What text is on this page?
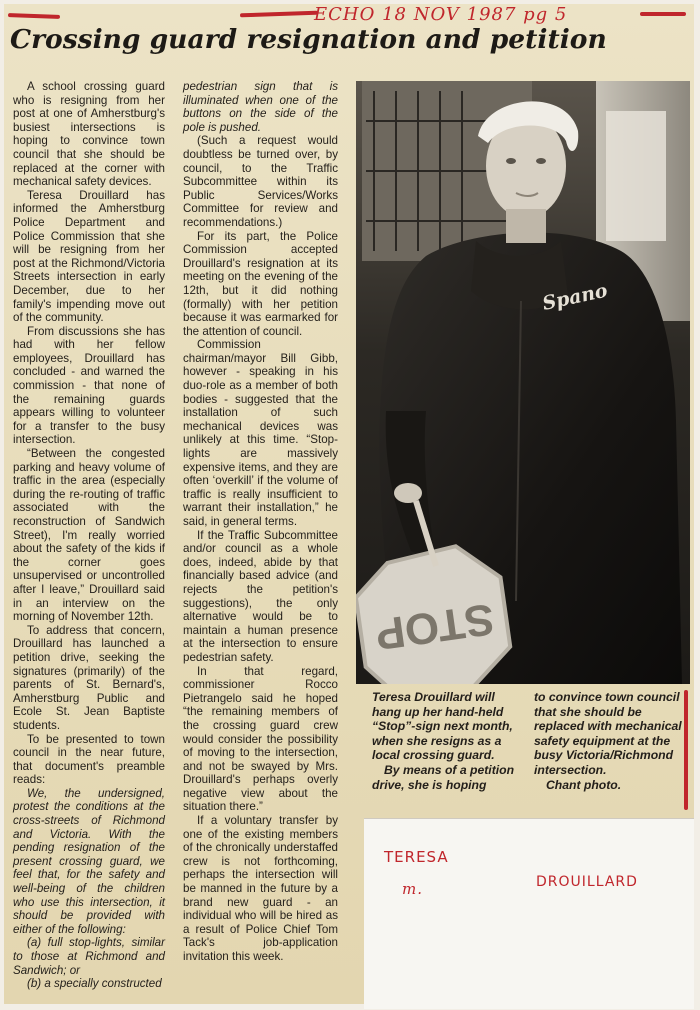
ECHO 18 NOV 1987 pg 5
Crossing guard resignation and petition

A school crossing guard who is resigning from her post at one of Amherstburg's busiest intersections is hoping to convince town council that she should be replaced at the corner with mechanical safety devices.

Teresa Drouillard has informed the Amherstburg Police Department and Police Commission that she will be resigning from her post at the Richmond/Victoria Streets intersection in early December, due to her family's impending move out of the community.

From discussions she has had with her fellow employees, Drouillard has concluded - and warned the commission - that none of the remaining guards appears willing to volunteer for a transfer to the busy intersection.

“Between the congested parking and heavy volume of traffic in the area (especially during the re-routing of traffic associated with the reconstruction of Sandwich Street), I'm really worried about the safety of the kids if the corner goes unsupervised or uncontrolled after I leave,” Drouillard said in an interview on the morning of November 12th.

To address that concern, Drouillard has launched a petition drive, seeking the signatures (primarily) of the parents of St. Bernard's, Amherstburg Public and Ecole St. Jean Baptiste students.

To be presented to town council in the near future, that document's preamble reads:

We, the undersigned, protest the conditions at the cross-streets of Richmond and Victoria. With the pending resignation of the present crossing guard, we feel that, for the safety and well-being of the children who use this intersection, it should be provided with either of the following:

(a) full stop-lights, similar to those at Richmond and Sandwich; or

(b) a specially constructed

pedestrian sign that is illuminated when one of the buttons on the side of the pole is pushed.

(Such a request would doubtless be turned over, by council, to the Traffic Subcommittee within its Public Services/Works Committee for review and recommendations.)

For its part, the Police Commission accepted Drouillard's resignation at its meeting on the evening of the 12th, but it did nothing (formally) with her petition because it was earmarked for the attention of council.

Commission chairman/mayor Bill Gibb, however - speaking in his duo-role as a member of both bodies - suggested that the installation of such mechanical devices was unlikely at this time. “Stop-lights are massively expensive items, and they are often ‘overkill’ if the volume of traffic is really insufficient to warrant their installation,” he said, in general terms.

If the Traffic Subcommittee and/or council as a whole does, indeed, abide by that financially based advice (and rejects the petition's suggestions), the only alternative would be to maintain a human presence at the intersection to ensure pedestrian safety.

In that regard, commissioner Rocco Pietrangelo said he hoped “the remaining members of the crossing guard crew would consider the possibility of moving to the intersection, and not be swayed by Mrs. Drouillard's perhaps overly negative view about the situation there.”

If a voluntary transfer by one of the existing members of the chronically understaffed crew is not forthcoming, perhaps the intersection will be manned in the future by a brand new guard - an individual who will be hired as a result of Police Chief Tom Tack's job-application invitation this week.

Spano
STOP

Teresa Drouillard will hang up her hand-held “Stop”-sign next month, when she resigns as a local crossing guard.

By means of a petition drive, she is hoping

to convince town council that she should be replaced with mechanical safety equipment at the busy Victoria/Richmond intersection.

Chant photo.

TERESA
m.	DROUILLARD
